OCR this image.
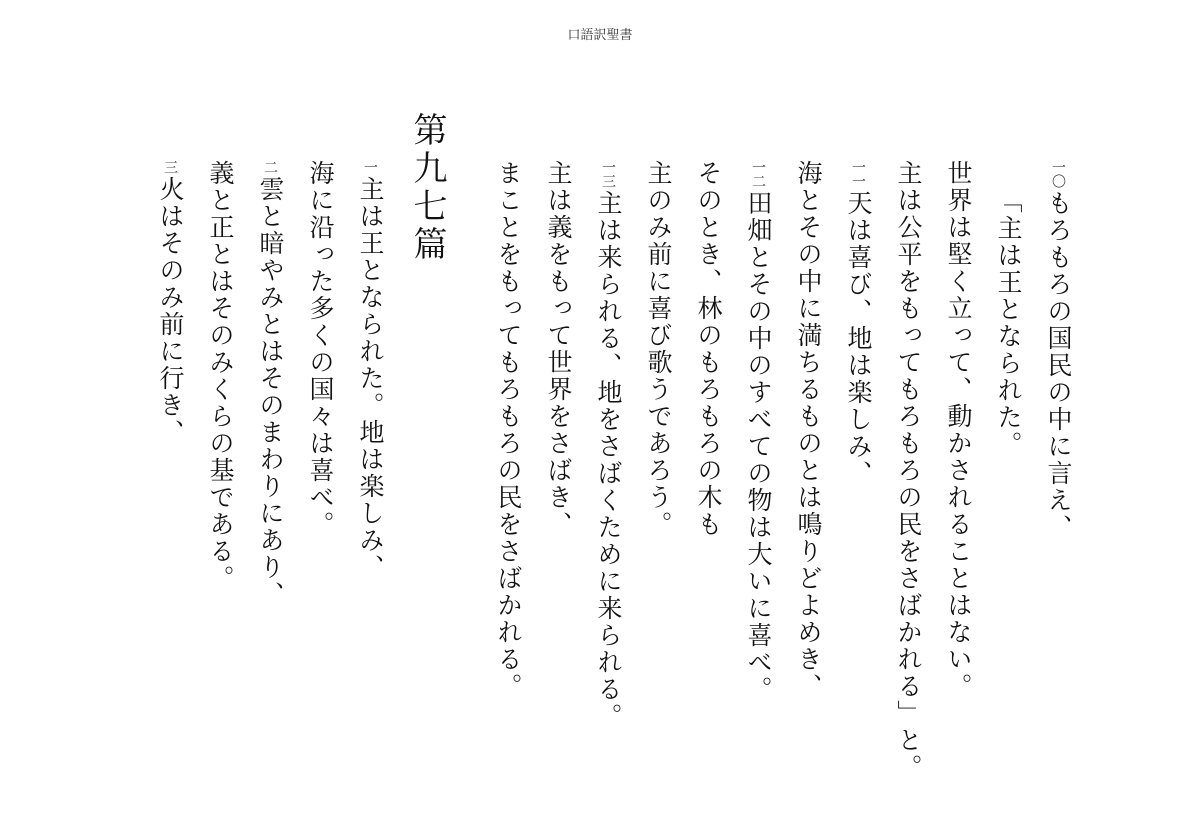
口語訳聖書
一〇もろもろの国民の中に言え、
「主は王となられた。
世界は堅く立って、動かされることはない。
主は公平をもってもろもろの民をさばかれる」と。
一一天は喜び、地は楽しみ、
海とその中に満ちるものとは鳴りどよめき、
一二田畑とその中のすべての物は大いに喜べ。
そのとき、林のもろもろの木も
主のみ前に喜び歌うであろう。
一三主は来られる、地をさばくために来られる。
主は義をもって世界をさばき、
まことをもってもろもろの民をさばかれる。
第九七篇
一主は王となられた。地は楽しみ、
海に沿った多くの国々は喜べ。
二雲と暗やみとはそのまわりにあり、
義と正とはそのみくらの基である。
三火はそのみ前に行き、
